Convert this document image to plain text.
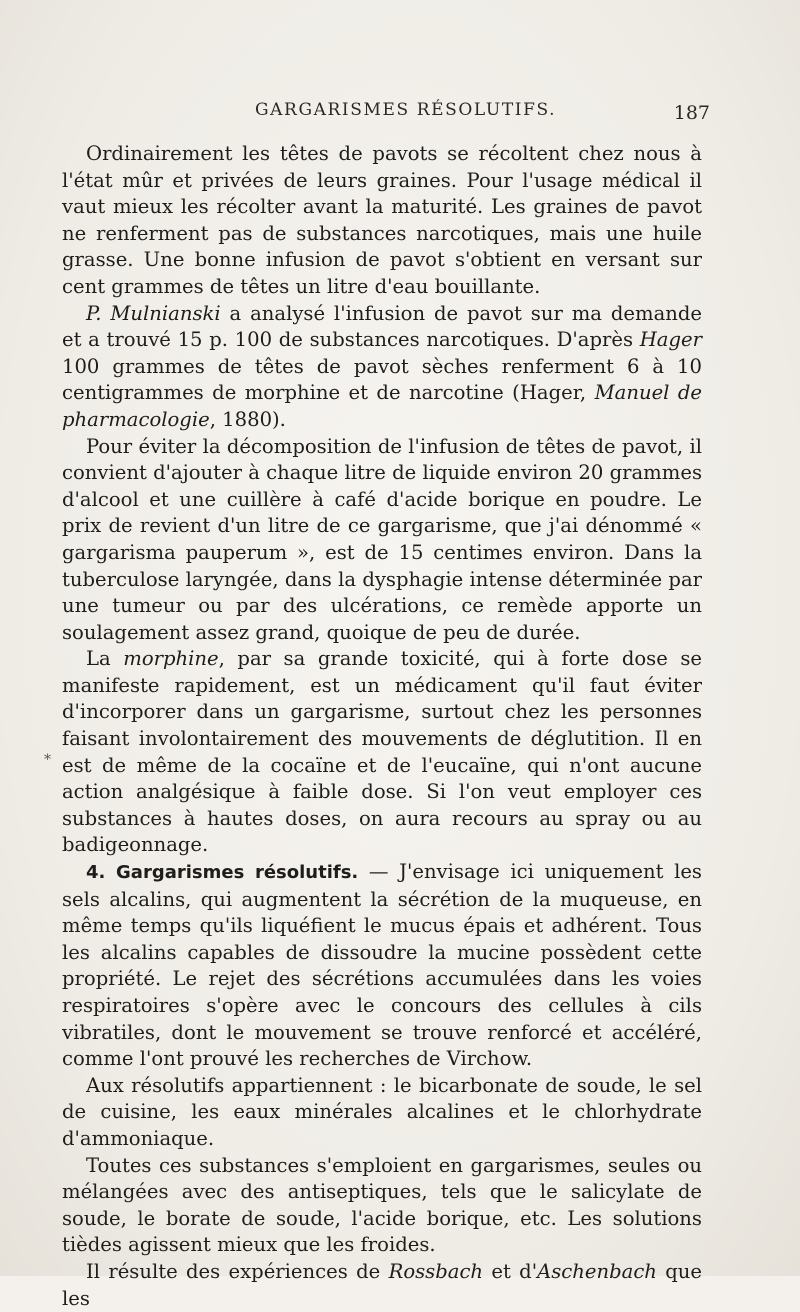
GARGARISMES RÉSOLUTIFS.	187
*

Ordinairement les têtes de pavots se récoltent chez nous à l'état mûr et privées de leurs graines. Pour l'usage médical il vaut mieux les récolter avant la maturité. Les graines de pavot ne renferment pas de substances narcotiques, mais une huile grasse. Une bonne infusion de pavot s'obtient en versant sur cent grammes de têtes un litre d'eau bouillante.

P. Mulnianski a analysé l'infusion de pavot sur ma demande et a trouvé 15 p. 100 de substances narcotiques. D'après Hager 100 grammes de têtes de pavot sèches renferment 6 à 10 centigrammes de morphine et de narcotine (Hager, Manuel de pharmacologie, 1880).

Pour éviter la décomposition de l'infusion de têtes de pavot, il convient d'ajouter à chaque litre de liquide environ 20 grammes d'alcool et une cuillère à café d'acide borique en poudre. Le prix de revient d'un litre de ce gargarisme, que j'ai dénommé « gargarisma pauperum », est de 15 centimes environ. Dans la tuberculose laryngée, dans la dysphagie intense déterminée par une tumeur ou par des ulcérations, ce remède apporte un soulagement assez grand, quoique de peu de durée.

La morphine, par sa grande toxicité, qui à forte dose se manifeste rapidement, est un médicament qu'il faut éviter d'incorporer dans un gargarisme, surtout chez les personnes faisant involontairement des mouvements de déglutition. Il en est de même de la cocaïne et de l'eucaïne, qui n'ont aucune action analgésique à faible dose. Si l'on veut employer ces substances à hautes doses, on aura recours au spray ou au badigeonnage.

4. Gargarismes résolutifs. — J'envisage ici uniquement les sels alcalins, qui augmentent la sécrétion de la muqueuse, en même temps qu'ils liquéfient le mucus épais et adhérent. Tous les alcalins capables de dissoudre la mucine possèdent cette propriété. Le rejet des sécrétions accumulées dans les voies respiratoires s'opère avec le concours des cellules à cils vibratiles, dont le mouvement se trouve renforcé et accéléré, comme l'ont prouvé les recherches de Virchow.

Aux résolutifs appartiennent : le bicarbonate de soude, le sel de cuisine, les eaux minérales alcalines et le chlorhydrate d'ammoniaque.

Toutes ces substances s'emploient en gargarismes, seules ou mélangées avec des antiseptiques, tels que le salicylate de soude, le borate de soude, l'acide borique, etc. Les solutions tièdes agissent mieux que les froides.

Il résulte des expériences de Rossbach et d'Aschenbach que les
